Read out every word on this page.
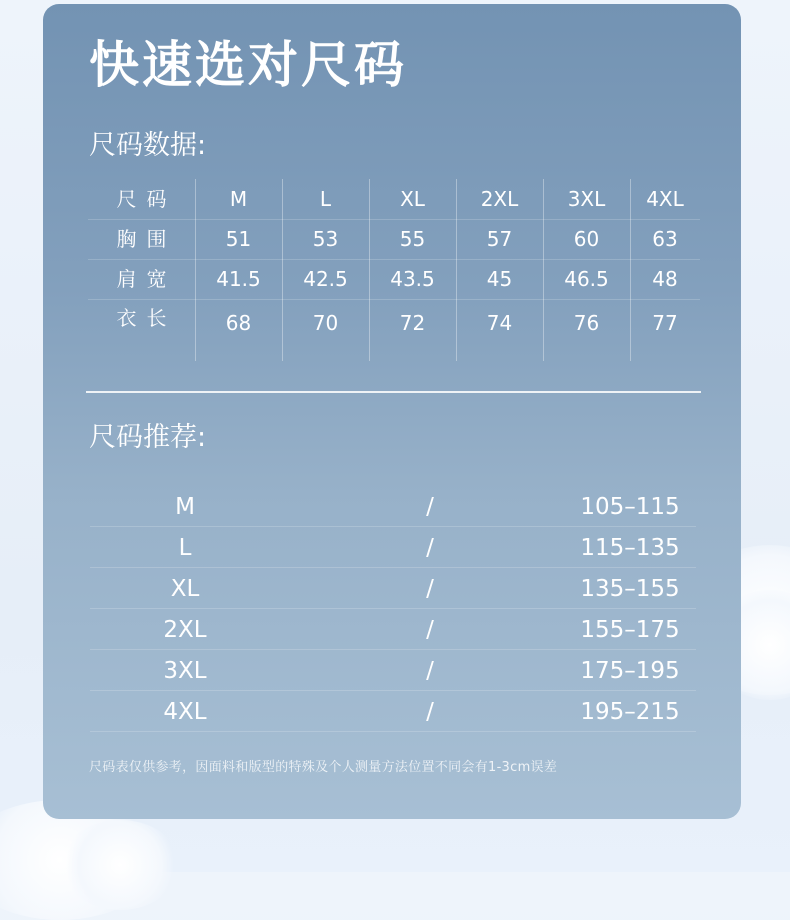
快速选对尺码
尺码数据:
尺码	M	L	XL	2XL	3XL	4XL
胸围	51	53	55	57	60	63
肩宽	41.5	42.5	43.5	45	46.5	48
衣长	68	70	72	74	76	77
尺码推荐:
M	/	105–115
L	/	115–135
XL	/	135–155
2XL	/	155–175
3XL	/	175–195
4XL	/	195–215
尺码表仅供参考，因面料和版型的特殊及个人测量方法位置不同会有1-3cm误差
